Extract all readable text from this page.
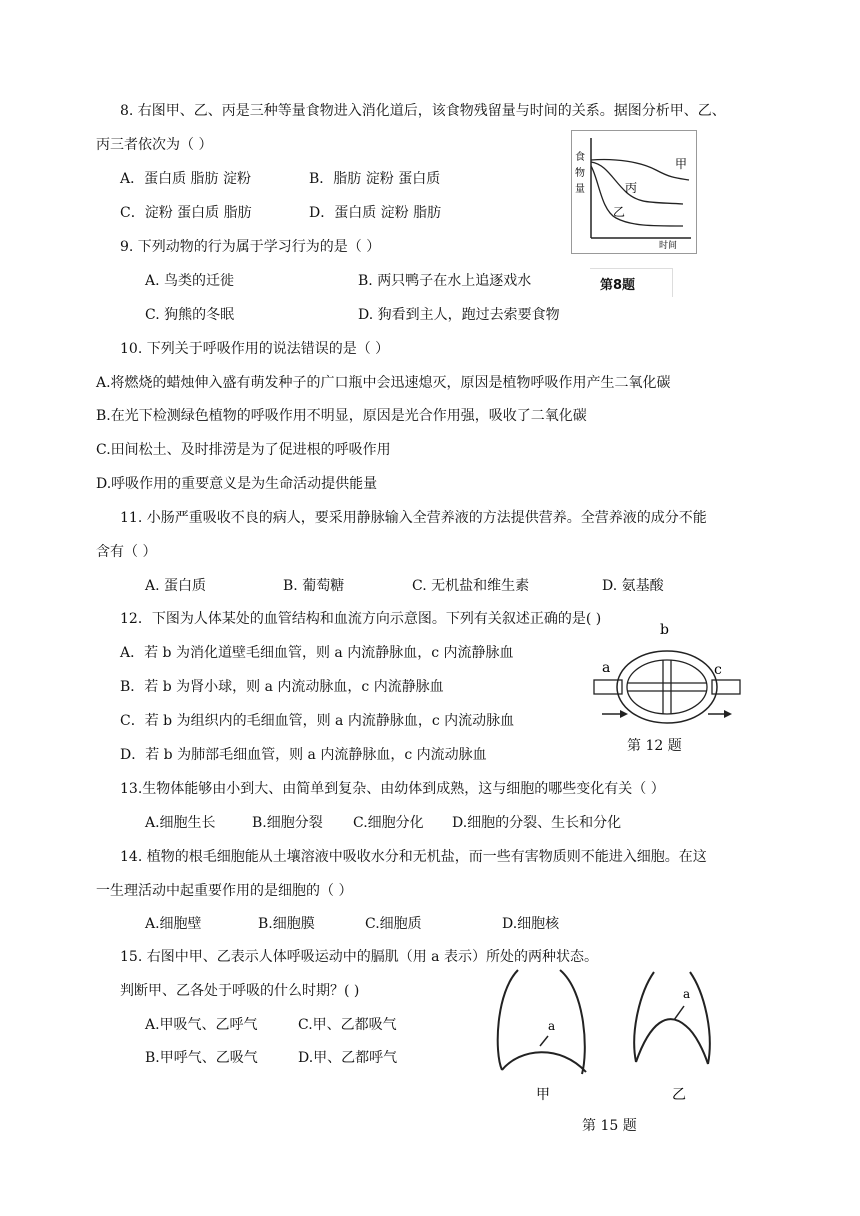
8. 右图甲、乙、丙是三种等量食物进入消化道后，该食物残留量与时间的关系。据图分析甲、乙、
丙三者依次为（ ）
A．蛋白质 脂肪 淀粉	B．脂肪 淀粉 蛋白质
C．淀粉 蛋白质 脂肪	D．蛋白质 淀粉 脂肪
食
物
量
时间
甲
丙
乙
第8题
9. 下列动物的行为属于学习行为的是（ ）
A. 鸟类的迁徙	B. 两只鸭子在水上追逐戏水
C. 狗熊的冬眠	D. 狗看到主人，跑过去索要食物
10. 下列关于呼吸作用的说法错误的是（ ）
A.将燃烧的蜡烛伸入盛有萌发种子的广口瓶中会迅速熄灭，原因是植物呼吸作用产生二氧化碳
B.在光下检测绿色植物的呼吸作用不明显，原因是光合作用强，吸收了二氧化碳
C.田间松土、及时排涝是为了促进根的呼吸作用
D.呼吸作用的重要意义是为生命活动提供能量
11. 小肠严重吸收不良的病人，要采用静脉输入全营养液的方法提供营养。全营养液的成分不能
含有（ ）
A. 蛋白质	B. 葡萄糖	C. 无机盐和维生素	D. 氨基酸
12．下图为人体某处的血管结构和血流方向示意图。下列有关叙述正确的是( )
A．若 b 为消化道壁毛细血管，则 a 内流静脉血，c 内流静脉血
B．若 b 为肾小球，则 a 内流动脉血，c 内流静脉血
C．若 b 为组织内的毛细血管，则 a 内流静脉血，c 内流动脉血
D．若 b 为肺部毛细血管，则 a 内流静脉血，c 内流动脉血
a
b
c
第 12 题
13.生物体能够由小到大、由简单到复杂、由幼体到成熟，这与细胞的哪些变化有关（ ）
A.细胞生长	B.细胞分裂 C.细胞分化 D.细胞的分裂、生长和分化
14. 植物的根毛细胞能从土壤溶液中吸收水分和无机盐，而一些有害物质则不能进入细胞。在这
一生理活动中起重要作用的是细胞的（ ）
A.细胞壁	B.细胞膜	C.细胞质	D.细胞核
15. 右图中甲、乙表示人体呼吸运动中的膈肌（用 a 表示）所处的两种状态。
判断甲、乙各处于呼吸的什么时期？( )
A.甲吸气、乙呼气	C.甲、乙都吸气
B.甲呼气、乙吸气	D.甲、乙都呼气
a
甲
a
乙
第 15 题
